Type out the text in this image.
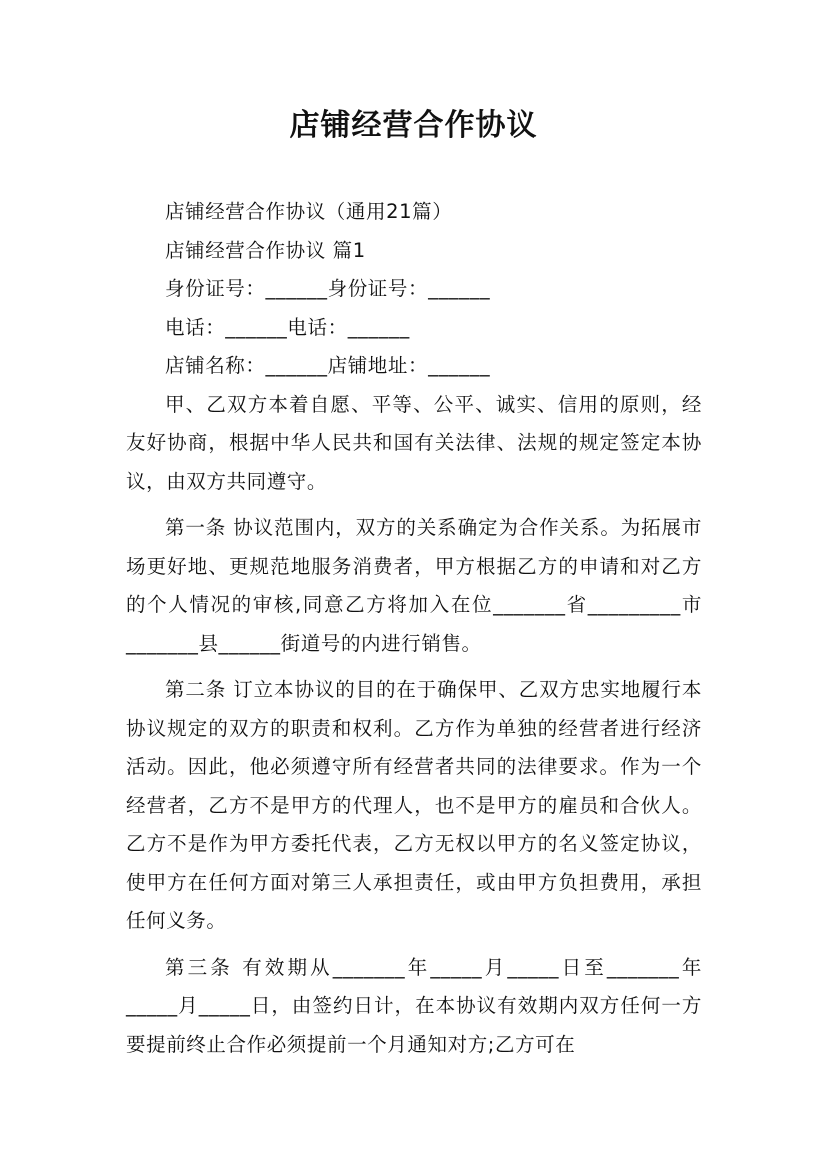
店铺经营合作协议

店铺经营合作协议（通用21篇）

店铺经营合作协议 篇1

身份证号：______身份证号：______

电话：______电话：______

店铺名称：______店铺地址：______

甲、乙双方本着自愿、平等、公平、诚实、信用的原则，经友好协商，根据中华人民共和国有关法律、法规的规定签定本协议，由双方共同遵守。

第一条 协议范围内，双方的关系确定为合作关系。为拓展市场更好地、更规范地服务消费者，甲方根据乙方的申请和对乙方的个人情况的审核,同意乙方将加入在位_______省_________市_______县______街道号的内进行销售。

第二条 订立本协议的目的在于确保甲、乙双方忠实地履行本协议规定的双方的职责和权利。乙方作为单独的经营者进行经济活动。因此，他必须遵守所有经营者共同的法律要求。作为一个经营者，乙方不是甲方的代理人，也不是甲方的雇员和合伙人。乙方不是作为甲方委托代表，乙方无权以甲方的名义签定协议，使甲方在任何方面对第三人承担责任，或由甲方负担费用，承担任何义务。

第三条 有效期从_______年_____月_____日至_______年_____月_____日，由签约日计，在本协议有效期内双方任何一方要提前终止合作必须提前一个月通知对方;乙方可在
